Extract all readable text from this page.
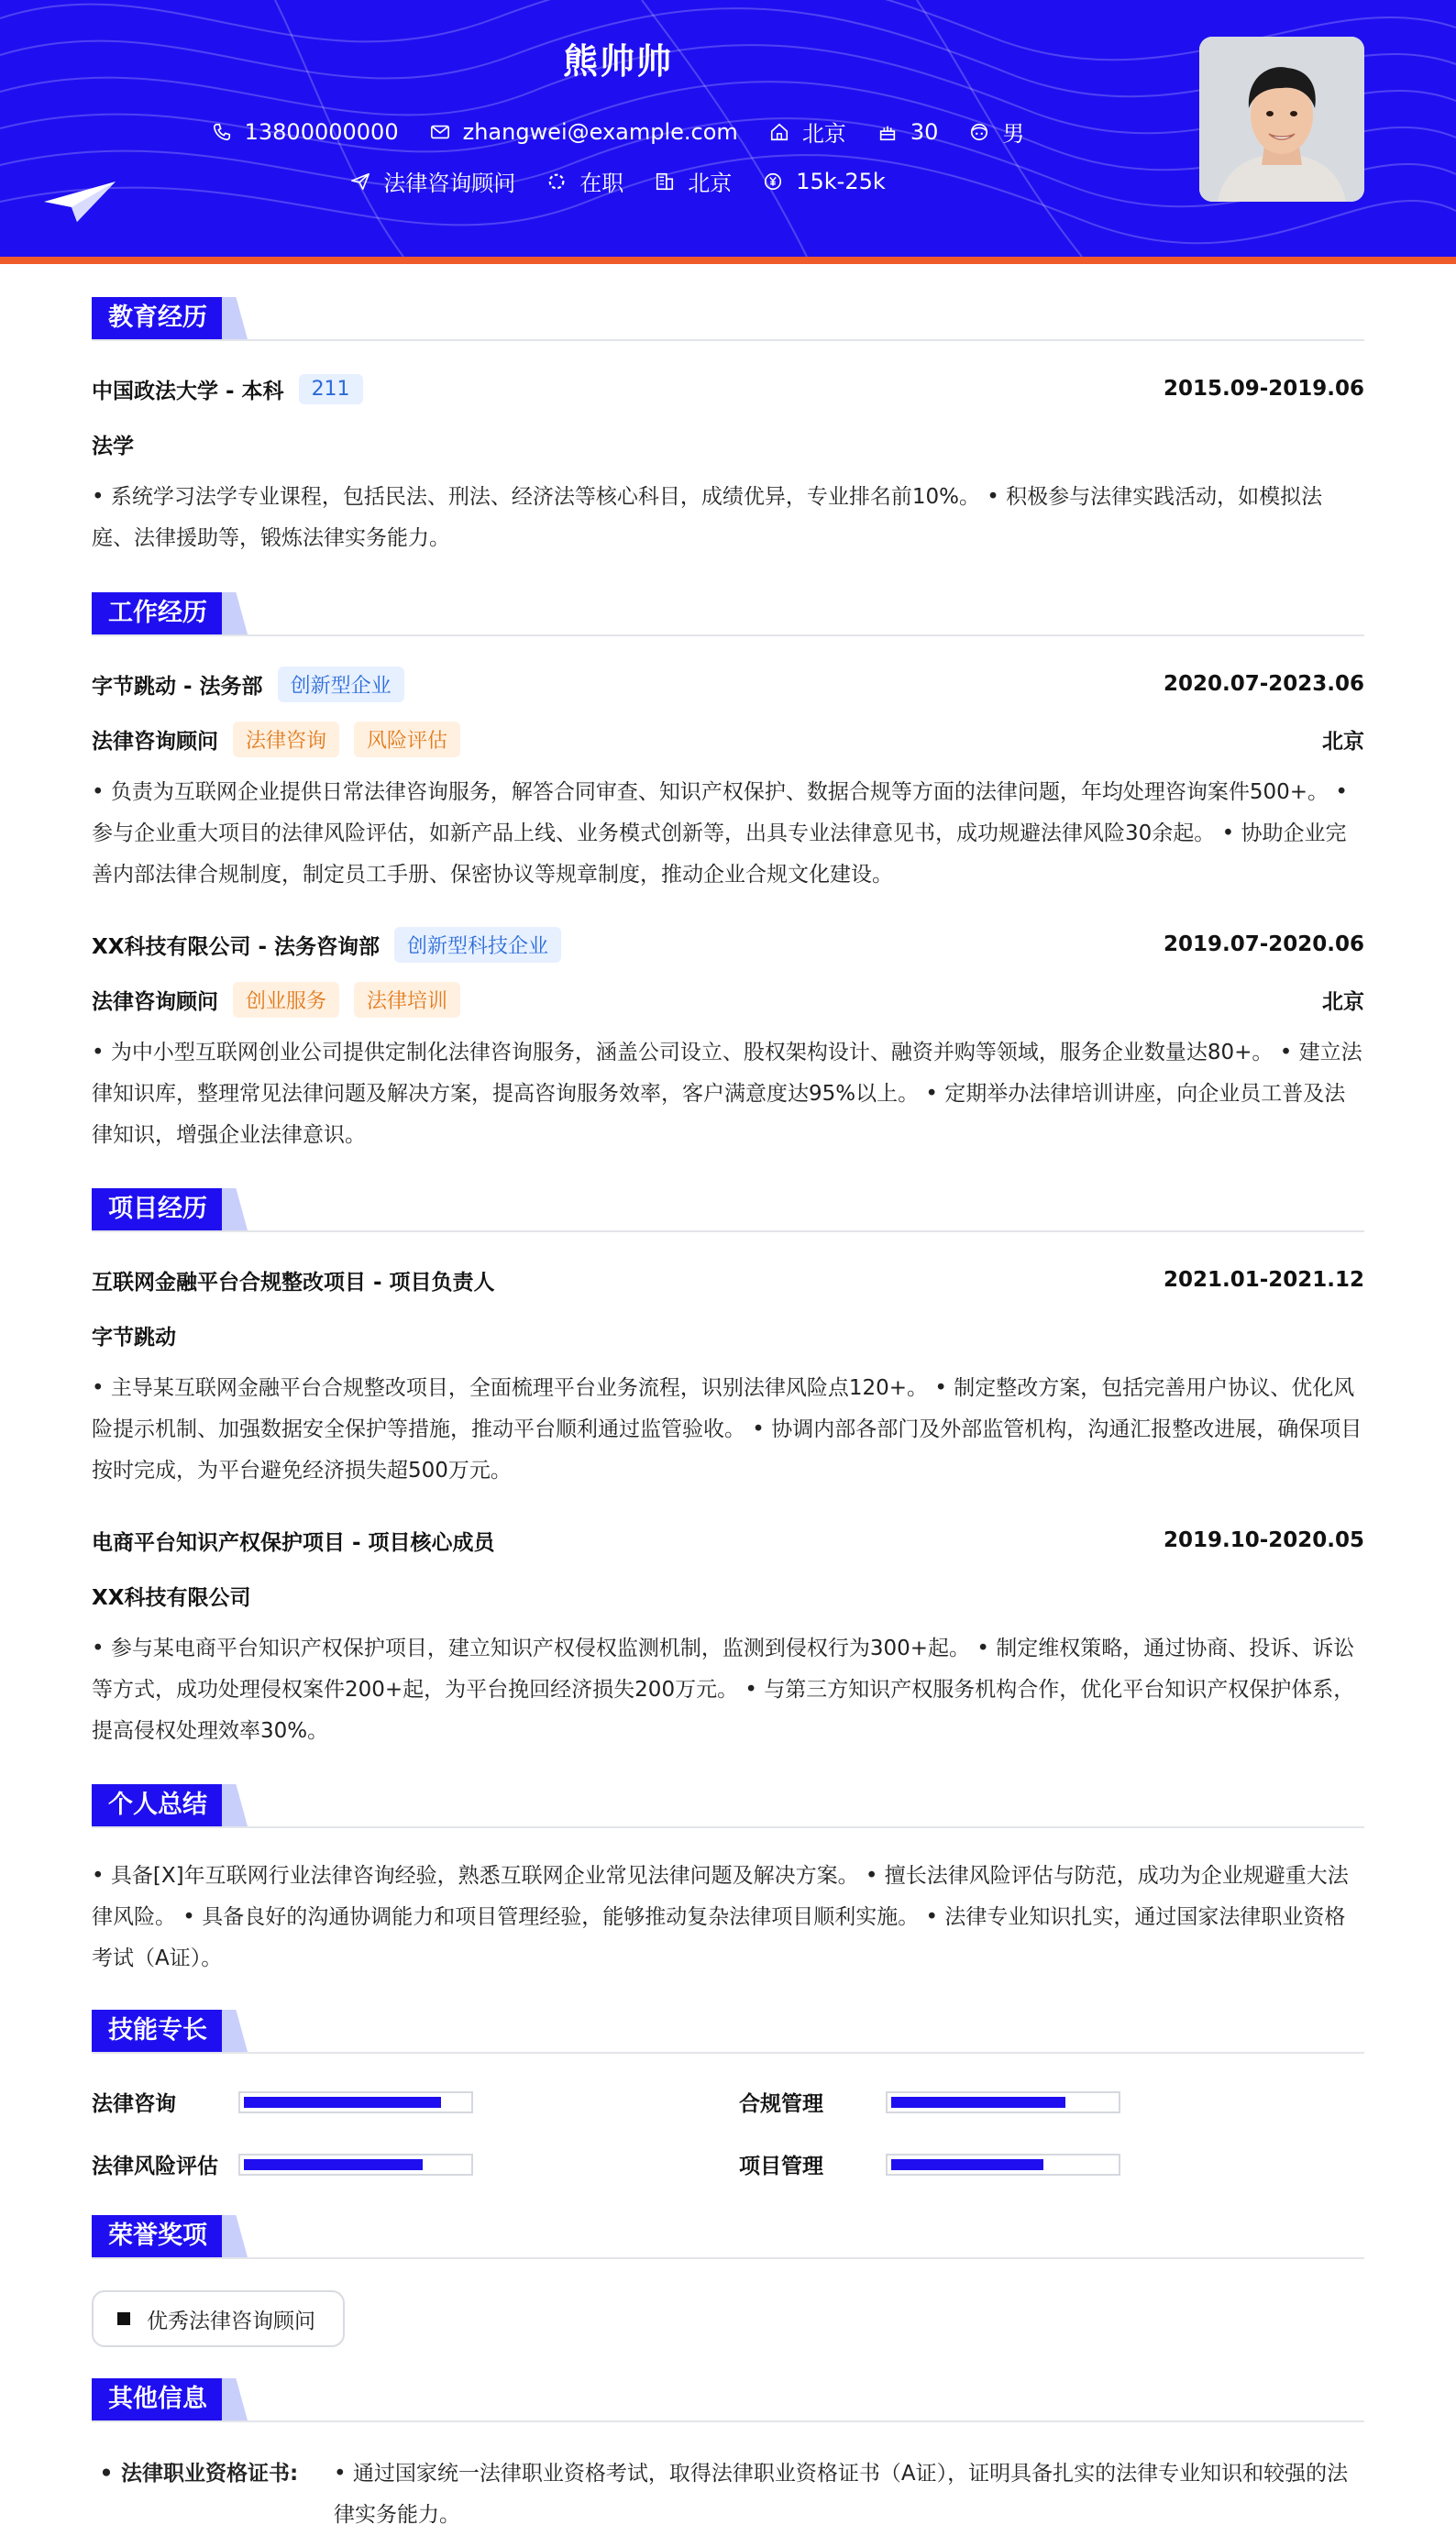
熊帅帅
13800000000	zhangwei@example.com	北京	30	男
法律咨询顾问	在职	北京	15k-25k
教育经历
中国政法大学 - 本科	211	2015.09-2019.06
法学
• 系统学习法学专业课程，包括民法、刑法、经济法等核心科目，成绩优异，专业排名前10%。 • 积极参与法律实践活动，如模拟法庭、法律援助等，锻炼法律实务能力。
工作经历
字节跳动 - 法务部	创新型企业	2020.07-2023.06
法律咨询顾问	法律咨询	风险评估	北京
• 负责为互联网企业提供日常法律咨询服务，解答合同审查、知识产权保护、数据合规等方面的法律问题，年均处理咨询案件500+。 • 参与企业重大项目的法律风险评估，如新产品上线、业务模式创新等，出具专业法律意见书，成功规避法律风险30余起。 • 协助企业完善内部法律合规制度，制定员工手册、保密协议等规章制度，推动企业合规文化建设。
XX科技有限公司 - 法务咨询部	创新型科技企业	2019.07-2020.06
法律咨询顾问	创业服务	法律培训	北京
• 为中小型互联网创业公司提供定制化法律咨询服务，涵盖公司设立、股权架构设计、融资并购等领域，服务企业数量达80+。 • 建立法律知识库，整理常见法律问题及解决方案，提高咨询服务效率，客户满意度达95%以上。 • 定期举办法律培训讲座，向企业员工普及法律知识，增强企业法律意识。
项目经历
互联网金融平台合规整改项目 - 项目负责人	2021.01-2021.12
字节跳动
• 主导某互联网金融平台合规整改项目，全面梳理平台业务流程，识别法律风险点120+。 • 制定整改方案，包括完善用户协议、优化风险提示机制、加强数据安全保护等措施，推动平台顺利通过监管验收。 • 协调内部各部门及外部监管机构，沟通汇报整改进展，确保项目按时完成，为平台避免经济损失超500万元。
电商平台知识产权保护项目 - 项目核心成员	2019.10-2020.05
XX科技有限公司
• 参与某电商平台知识产权保护项目，建立知识产权侵权监测机制，监测到侵权行为300+起。 • 制定维权策略，通过协商、投诉、诉讼等方式，成功处理侵权案件200+起，为平台挽回经济损失200万元。 • 与第三方知识产权服务机构合作，优化平台知识产权保护体系，提高侵权处理效率30%。
个人总结
• 具备[X]年互联网行业法律咨询经验，熟悉互联网企业常见法律问题及解决方案。 • 擅长法律风险评估与防范，成功为企业规避重大法律风险。 • 具备良好的沟通协调能力和项目管理经验，能够推动复杂法律项目顺利实施。 • 法律专业知识扎实，通过国家法律职业资格考试（A证）。
技能专长
法律咨询	合规管理
法律风险评估	项目管理
荣誉奖项
优秀法律咨询顾问
其他信息
• 法律职业资格证书:	• 通过国家统一法律职业资格考试，取得法律职业资格证书（A证），证明具备扎实的法律专业知识和较强的法律实务能力。
